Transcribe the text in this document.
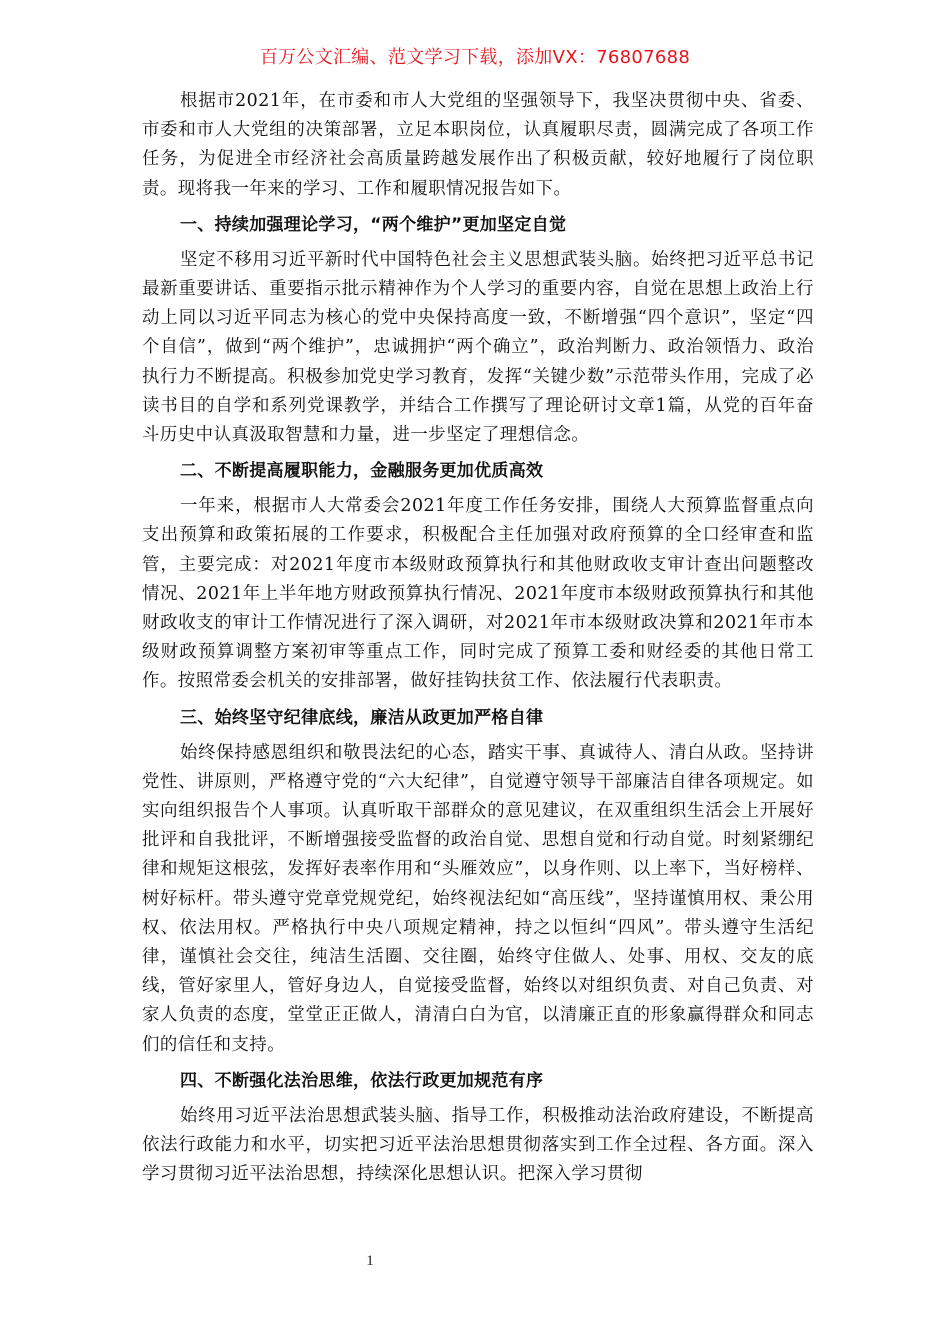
百万公文汇编、范文学习下载，添加VX：76807688

根据市2021年，在市委和市人大党组的坚强领导下，我坚决贯彻中央、省委、市委和市人大党组的决策部署，立足本职岗位，认真履职尽责，圆满完成了各项工作任务，为促进全市经济社会高质量跨越发展作出了积极贡献，较好地履行了岗位职责。现将我一年来的学习、工作和履职情况报告如下。

一、持续加强理论学习，“两个维护”更加坚定自觉

坚定不移用习近平新时代中国特色社会主义思想武装头脑。始终把习近平总书记最新重要讲话、重要指示批示精神作为个人学习的重要内容，自觉在思想上政治上行动上同以习近平同志为核心的党中央保持高度一致，不断增强“四个意识”，坚定“四个自信”，做到“两个维护”，忠诚拥护“两个确立”，政治判断力、政治领悟力、政治执行力不断提高。积极参加党史学习教育，发挥“关键少数”示范带头作用，完成了必读书目的自学和系列党课教学，并结合工作撰写了理论研讨文章1篇，从党的百年奋斗历史中认真汲取智慧和力量，进一步坚定了理想信念。

二、不断提高履职能力，金融服务更加优质高效

一年来，根据市人大常委会2021年度工作任务安排，围绕人大预算监督重点向支出预算和政策拓展的工作要求，积极配合主任加强对政府预算的全口经审查和监管，主要完成：对2021年度市本级财政预算执行和其他财政收支审计查出问题整改情况、2021年上半年地方财政预算执行情况、2021年度市本级财政预算执行和其他财政收支的审计工作情况进行了深入调研，对2021年市本级财政决算和2021年市本级财政预算调整方案初审等重点工作，同时完成了预算工委和财经委的其他日常工作。按照常委会机关的安排部署，做好挂钩扶贫工作、依法履行代表职责。

三、始终坚守纪律底线，廉洁从政更加严格自律

始终保持感恩组织和敬畏法纪的心态，踏实干事、真诚待人、清白从政。坚持讲党性、讲原则，严格遵守党的“六大纪律”，自觉遵守领导干部廉洁自律各项规定。如实向组织报告个人事项。认真听取干部群众的意见建议，在双重组织生活会上开展好批评和自我批评，不断增强接受监督的政治自觉、思想自觉和行动自觉。时刻紧绷纪律和规矩这根弦，发挥好表率作用和“头雁效应”，以身作则、以上率下，当好榜样、树好标杆。带头遵守党章党规党纪，始终视法纪如“高压线”，坚持谨慎用权、秉公用权、依法用权。严格执行中央八项规定精神，持之以恒纠“四风”。带头遵守生活纪律，谨慎社会交往，纯洁生活圈、交往圈，始终守住做人、处事、用权、交友的底线，管好家里人，管好身边人，自觉接受监督，始终以对组织负责、对自己负责、对家人负责的态度，堂堂正正做人，清清白白为官，以清廉正直的形象赢得群众和同志们的信任和支持。

四、不断强化法治思维，依法行政更加规范有序

始终用习近平法治思想武装头脑、指导工作，积极推动法治政府建设，不断提高依法行政能力和水平，切实把习近平法治思想贯彻落实到工作全过程、各方面。深入学习贯彻习近平法治思想，持续深化思想认识。把深入学习贯彻

1
